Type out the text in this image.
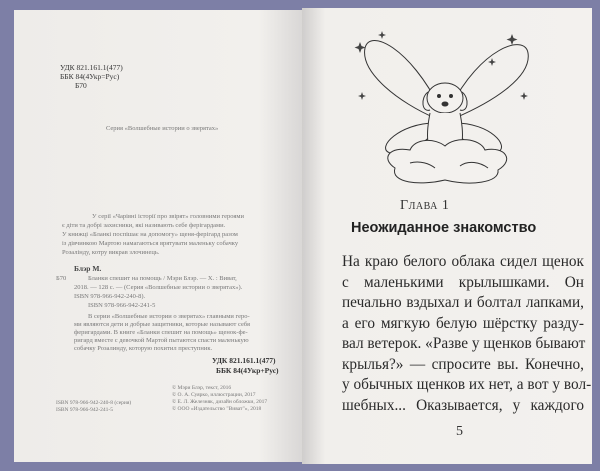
УДК 821.161.1(477)
ББК 84(4Укр=Рус)
Б70
Серия «Волшебные истории о зверятах»
У серії «Чарівні історії про звірят» головними героями
є діти та добрі захисники, які називають себе ферігардами.
У книжці «Бланкі поспішає на допомогу» щеня-ферігард разом
із дівчинкою Мартою намагаються врятувати маленьку собачку
Розалінду, котру викрав злочинець.
Блэр М.
Б70	Бланки спешит на помощь / Мэри Блэр. — Х. : Виват,
2018. — 128 с. — (Серия «Волшебные истории о зверятах»).
ISBN 978-966-942-240-8).
ISBN 978-966-942-241-5
В серии «Волшебные истории о зверятах» главными геро-
ми являются дети и добрые защитники, которые называют себя
феригардами. В книге «Бланки спешит на помощь» щенок-фе-
ригард вместе с девочкой Мартой пытаются спасти маленькую
собачку Розалинду, которую похитил преступник.
УДК 821.161.1(477)
ББК 84(4Укр+Рус)
ISBN 978-966-942-240-8 (серия)
ISBN 978-966-942-241-5
© Мэри Блэр, текст, 2016
© О. А. Суярко, иллюстрации, 2017
© Е. Л. Железняк, дизайн обложки, 2017
© ООО «Издательство "Виват"», 2018
Глава 1
Неожиданное знакомство
На краю белого облака сидел щенок
с маленькими крылышками. Он
печально вздыхал и болтал лапками,
а его мягкую белую шёрстку разду-
вал ветерок. «Разве у щенков бывают
крылья?» — спросите вы. Конечно,
у обычных щенков их нет, а вот у вол-
шебных... Оказывается, у каждого
5
